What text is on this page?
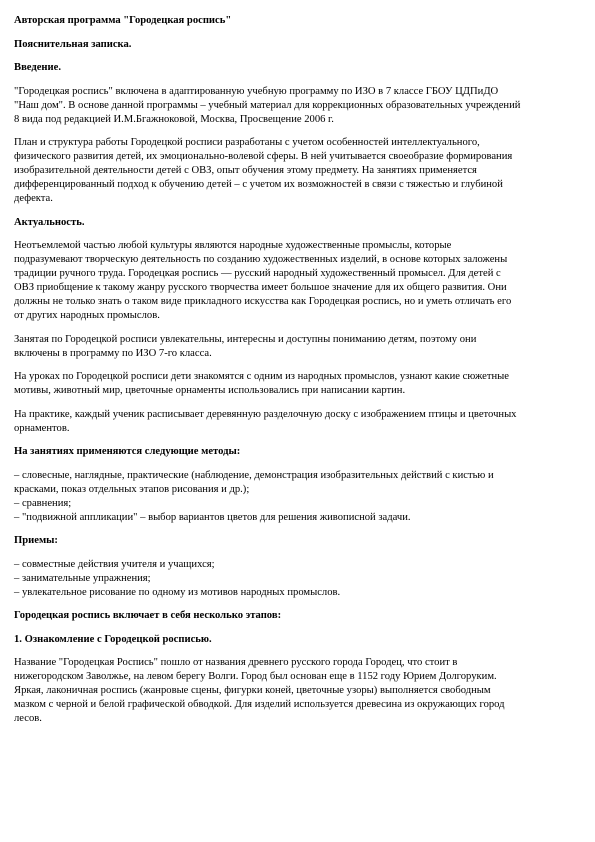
Авторская программа "Городецкая роспись"

Пояснительная записка.

Введение.

"Городецкая роспись" включена в адаптированную учебную программу по ИЗО в 7 классе ГБОУ ЦДПиДО
"Наш дом". В основе данной программы – учебный материал для коррекционных образовательных учреждений
8 вида под редакцией И.М.Бгажноковой, Москва, Просвещение 2006 г.

План и структура работы Городецкой росписи разработаны с учетом особенностей интеллектуального,
физического развития детей, их эмоционально-волевой сферы. В ней учитывается своеобразие формирования
изобразительной деятельности детей с ОВЗ, опыт обучения этому предмету. На занятиях применяется
дифференцированный подход к обучению детей – с учетом их возможностей в связи с тяжестью и глубиной
дефекта.

Актуальность.

Неотъемлемой частью любой культуры являются народные художественные промыслы, которые
подразумевают творческую деятельность по созданию художественных изделий, в основе которых заложены
традиции ручного труда. Городецкая роспись — русский народный художественный промысел. Для детей с
ОВЗ приобщение к такому жанру русского творчества имеет большое значение для их общего развития. Они
должны не только знать о таком виде прикладного искусства как Городецкая роспись, но и уметь отличать его
от других народных промыслов.

Занятая по Городецкой росписи увлекательны, интересны и доступны пониманию детям, поэтому они
включены в программу по ИЗО 7-го класса.

На уроках по Городецкой росписи дети знакомятся с одним из народных промыслов, узнают какие сюжетные
мотивы, животный мир, цветочные орнаменты использовались при написании картин.

На практике, каждый ученик расписывает деревянную разделочную доску с изображением птицы и цветочных
орнаментов.

На занятиях применяются следующие методы:

– словесные, наглядные, практические (наблюдение, демонстрация изобразительных действий с кистью и
красками, показ отдельных этапов рисования и др.);
– сравнения;
– "подвижной аппликации" – выбор вариантов цветов для решения живописной задачи.

Приемы:

– совместные действия учителя и учащихся;
– занимательные упражнения;
– увлекательное рисование по одному из мотивов народных промыслов.

Городецкая роспись включает в себя несколько этапов:

1. Ознакомление с Городецкой росписью.

Название "Городецкая Роспись" пошло от названия древнего русского города Городец, что стоит в
нижегородском Заволжье, на левом берегу Волги. Город был основан еще в 1152 году Юрием Долгоруким.
Яркая, лаконичная роспись (жанровые сцены, фигурки коней, цветочные узоры) выполняется свободным
мазком с черной и белой графической обводкой. Для изделий используется древесина из окружающих город
лесов.
